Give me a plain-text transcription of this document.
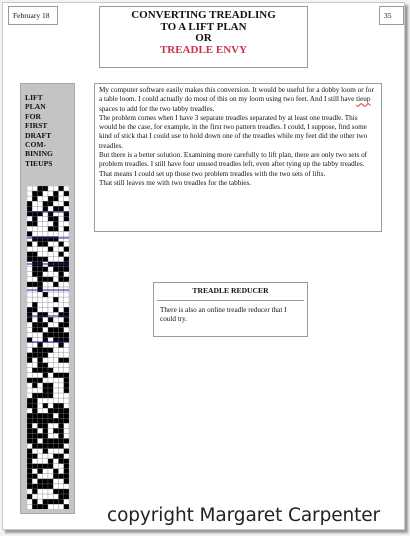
February 18	35
CONVERTING TREADLING
TO A LIFT PLAN
OR
TREADLE ENVY
LIFT
PLAN
FOR
FIRST
DRAFT
COM-
BINING
TIEUPS

My computer software easily makes this conversion. It would be useful for a dobby loom or for a table loom. I could actually do most of this on my loom using two feet. And I still have tieup spaces to add for the two tabby treadles.

The problem comes when I have 3 separate treadles separated by at least one treadle. This would be the case, for example, in the first two pattern treadles. I could, I suppose, find some kind of stick that I could use to hold down one of the treadles while my feet did the other two treadles.

But there is a better solution. Examining more carefully to lift plan, there are only two sets of problem treadles. I still have four unused treadles left, even after tying up the tabby treadles. That means I could set up those two problem treadles with the two sets of lifts.

That still leaves me with two treadles for the tabbies.

TREADLE REDUCER
There is also an online treadle reducer that I could try.
copyright Margaret Carpenter
